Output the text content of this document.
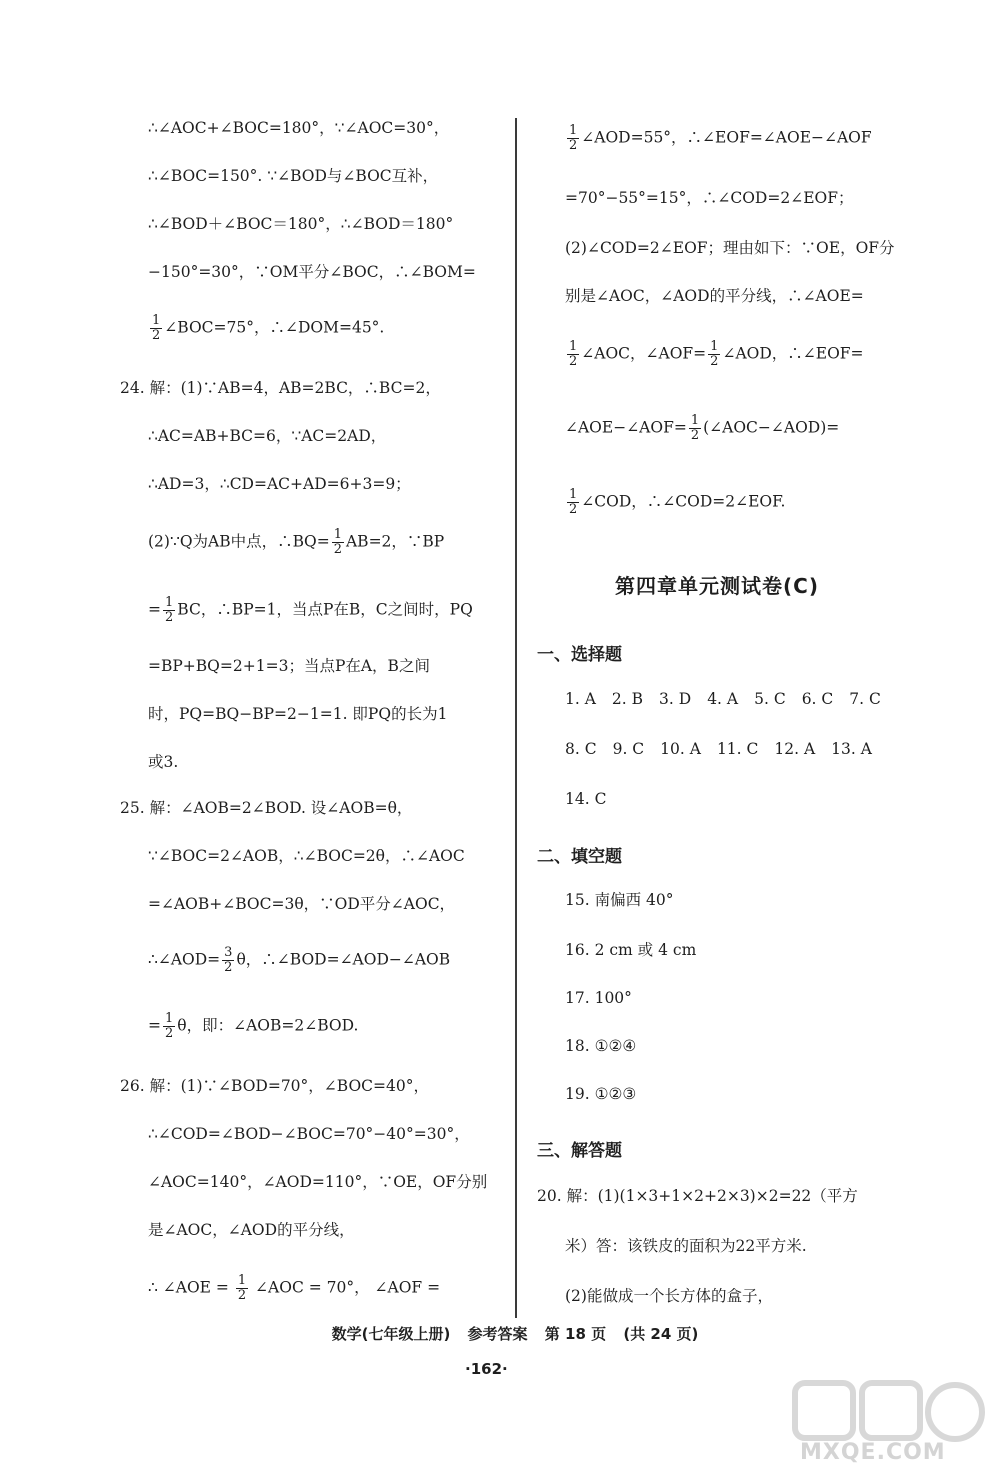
∴∠AOC+∠BOC=180°，∵∠AOC=30°，
∴∠BOC=150°. ∵∠BOD与∠BOC互补，
∴∠BOD＋∠BOC＝180°，∴∠BOD＝180°
−150°=30°，∵OM平分∠BOC，∴∠BOM=
$\frac{1}{2}$ ∠BOC=75°，∴∠DOM=45°.
24. 解：(1)∵AB=4，AB=2BC，∴BC=2，
∴AC=AB+BC=6，∵AC=2AD，
∴AD=3，∴CD=AC+AD=6+3=9；
(2)∵Q为AB中点，∴BQ= $\frac{1}{2} AB=2$，∵BP
= $\frac{1}{2}$ BC，∴BP=1，当点P在B，C之间时，PQ
=BP+BQ=2+1=3；当点P在A，B之间
时，PQ=BQ−BP=2−1=1. 即PQ的长为1
或3.
25. 解：∠AOB=2∠BOD. 设∠AOB=θ，
∵∠BOC=2∠AOB，∴∠BOC=2θ，∴∠AOC
=∠AOB+∠BOC=3θ，∵OD平分∠AOC，
∴∠AOD= $\frac{3}{2}$ θ，∴∠BOD=∠AOD−∠AOB
= $\frac{1}{2}$ θ，即：∠AOB=2∠BOD.
26. 解：(1)∵∠BOD=70°，∠BOC=40°，
∴∠COD=∠BOD−∠BOC=70°−40°=30°，
∠AOC=140°，∠AOD=110°，∵OE，OF分别
是∠AOC，∠AOD的平分线，
∴ ∠AOE = $\frac{1}{2}$ ∠AOC = 70°， ∠AOF =
$\frac{1}{2}$ ∠AOD=55°，∴∠EOF=∠AOE−∠AOF
=70°−55°=15°，∴∠COD=2∠EOF；
(2)∠COD=2∠EOF；理由如下：∵OE，OF分
别是∠AOC，∠AOD的平分线，∴∠AOE=
$\frac{1}{2}$ ∠AOC，∠AOF= $\frac{1}{2}$ ∠AOD，∴∠EOF=
∠AOE−∠AOF= $\frac{1}{2}$ (∠AOC−∠AOD)=
$\frac{1}{2}$ ∠COD，∴∠COD=2∠EOF.
第四章单元测试卷(C)
一、选择题
1. A 2. B 3. D 4. A 5. C 6. C 7. C
8. C 9. C 10. A 11. C 12. A 13. A
14. C
二、填空题
15. 南偏西 40°
16. 2 cm 或 4 cm
17. 100°
18. ①②④
19. ①②③
三、解答题
20. 解：(1)(1×3+1×2+2×3)×2=22（平方
米）答：该铁皮的面积为22平方米.
(2)能做成一个长方体的盒子，
数学(七年级上册) 参考答案 第 18 页 (共 24 页)
·162·
MXQE.COM
